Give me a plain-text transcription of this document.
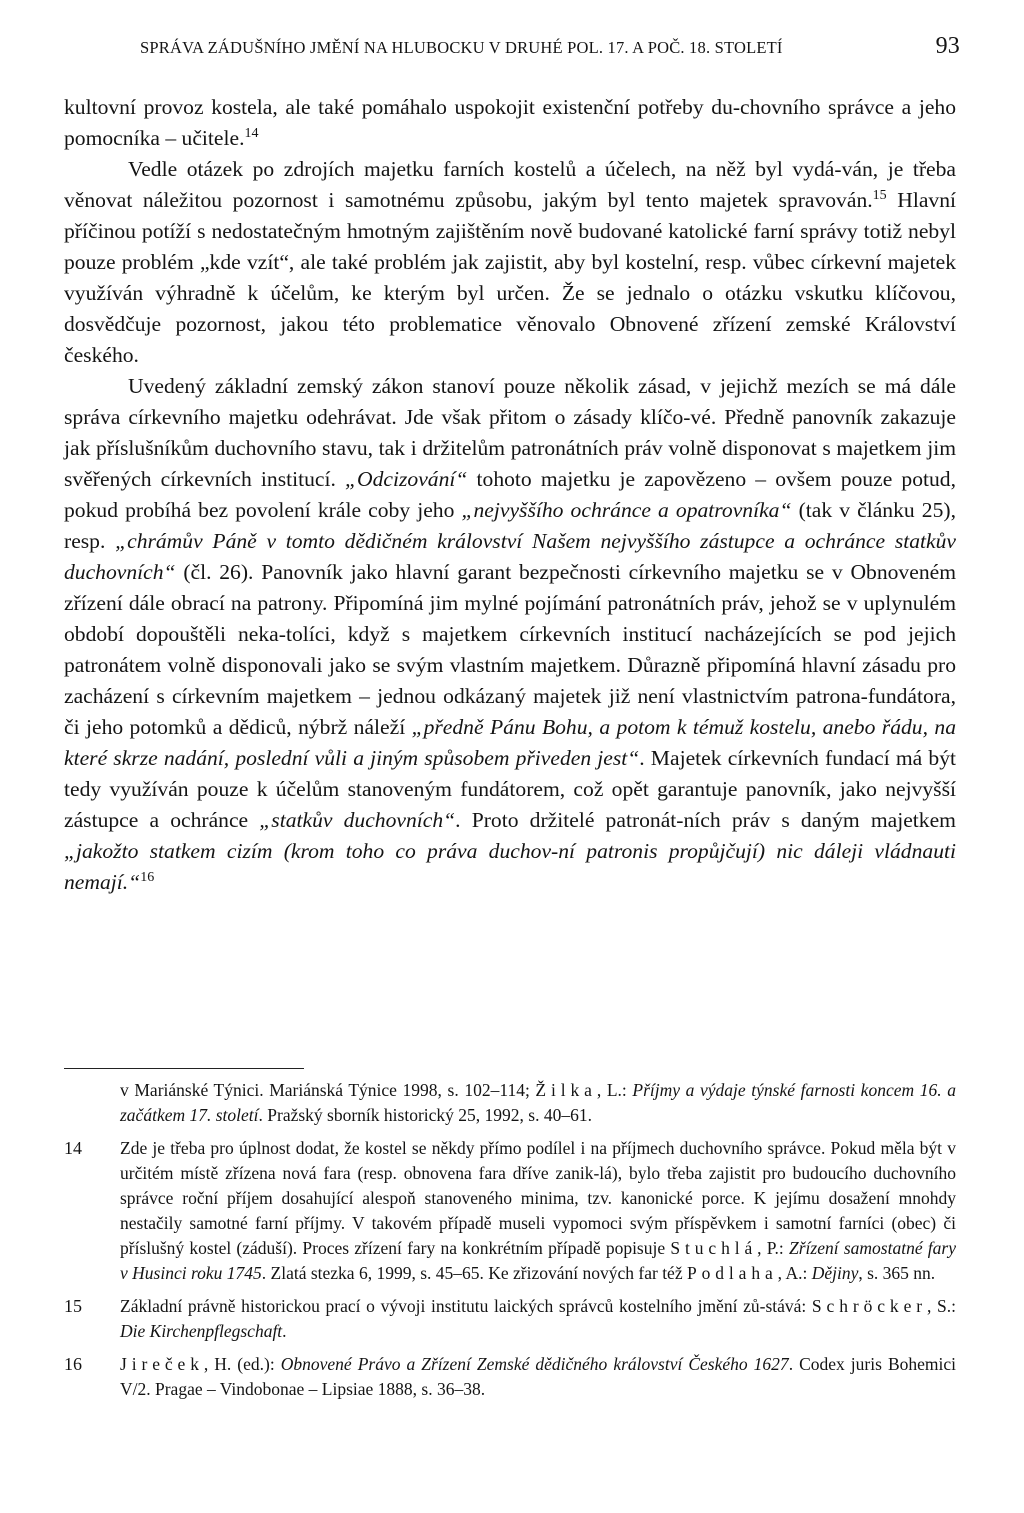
SPRÁVA ZÁDUŠNÍHO JMĚNÍ NA HLUBOCKU V DRUHÉ POL. 17. A POČ. 18. STOLETÍ	93

kultovní provoz kostela, ale také pomáhalo uspokojit existenční potřeby du-chovního správce a jeho pomocníka – učitele.$^{14}$

Vedle otázek po zdrojích majetku farních kostelů a účelech, na něž byl vydá-ván, je třeba věnovat náležitou pozornost i samotnému způsobu, jakým byl tento majetek spravován.$^{15}$ Hlavní příčinou potíží s nedostatečným hmotným zajištěním nově budované katolické farní správy totiž nebyl pouze problém „kde vzít“, ale také problém jak zajistit, aby byl kostelní, resp. vůbec církevní majetek využíván výhradně k účelům, ke kterým byl určen. Že se jednalo o otázku vskutku klíčovou, dosvědčuje pozornost, jakou této problematice věnovalo Obnovené zřízení zemské Království českého.

Uvedený základní zemský zákon stanoví pouze několik zásad, v jejichž mezích se má dále správa církevního majetku odehrávat. Jde však přitom o zásady klíčo-vé. Předně panovník zakazuje jak příslušníkům duchovního stavu, tak i držitelům patronátních práv volně disponovat s majetkem jim svěřených církevních institucí. „Odcizování“ tohoto majetku je zapovězeno – ovšem pouze potud, pokud probíhá bez povolení krále coby jeho „nejvyššího ochránce a opatrovníka“ (tak v článku 25), resp. „chrámův Páně v tomto dědičném království Našem nejvyššího zástupce a ochránce statkův duchovních“ (čl. 26). Panovník jako hlavní garant bezpečnosti církevního majetku se v Obnoveném zřízení dále obrací na patrony. Připomíná jim mylné pojímání patronátních práv, jehož se v uplynulém období dopouštěli neka-tolíci, když s majetkem církevních institucí nacházejících se pod jejich patronátem volně disponovali jako se svým vlastním majetkem. Důrazně připomíná hlavní zásadu pro zacházení s církevním majetkem – jednou odkázaný majetek již není vlastnictvím patrona-fundátora, či jeho potomků a dědiců, nýbrž náleží „předně Pánu Bohu, a potom k témuž kostelu, anebo řádu, na které skrze nadání, poslední vůli a jiným spůsobem přiveden jest“. Majetek církevních fundací má být tedy využíván pouze k účelům stanoveným fundátorem, což opět garantuje panovník, jako nejvyšší zástupce a ochránce „statkův duchovních“. Proto držitelé patronát-ních práv s daným majetkem „jakožto statkem cizím (krom toho co práva duchov-ní patronis propůjčují) nic dáleji vládnauti nemají.“$^{16}$

v Mariánské Týnici. Mariánská Týnice 1998, s. 102–114; Žilka, L.: Příjmy a výdaje týnské farnosti koncem 16. a začátkem 17. století. Pražský sborník historický 25, 1992, s. 40–61.
14 Zde je třeba pro úplnost dodat, že kostel se někdy přímo podílel i na příjmech duchovního správce. Pokud měla být v určitém místě zřízena nová fara (resp. obnovena fara dříve zanik-lá), bylo třeba zajistit pro budoucího duchovního správce roční příjem dosahující alespoň stanoveného minima, tzv. kanonické porce. K jejímu dosažení mnohdy nestačily samotné farní příjmy. V takovém případě museli vypomoci svým příspěvkem i samotní farníci (obec) či příslušný kostel (záduší). Proces zřízení fary na konkrétním případě popisuje Stuchlá, P.: Zřízení samostatné fary v Husinci roku 1745. Zlatá stezka 6, 1999, s. 45–65. Ke zřizování nových far též Podlaha, A.: Dějiny, s. 365 nn.
15 Základní právně historickou prací o vývoji institutu laických správců kostelního jmění zů-stává: Schröcker, S.: Die Kirchenpflegschaft.
16 Jireček, H. (ed.): Obnovené Právo a Zřízení Zemské dědičného království Českého 1627. Codex juris Bohemici V/2. Pragae – Vindobonae – Lipsiae 1888, s. 36–38.
